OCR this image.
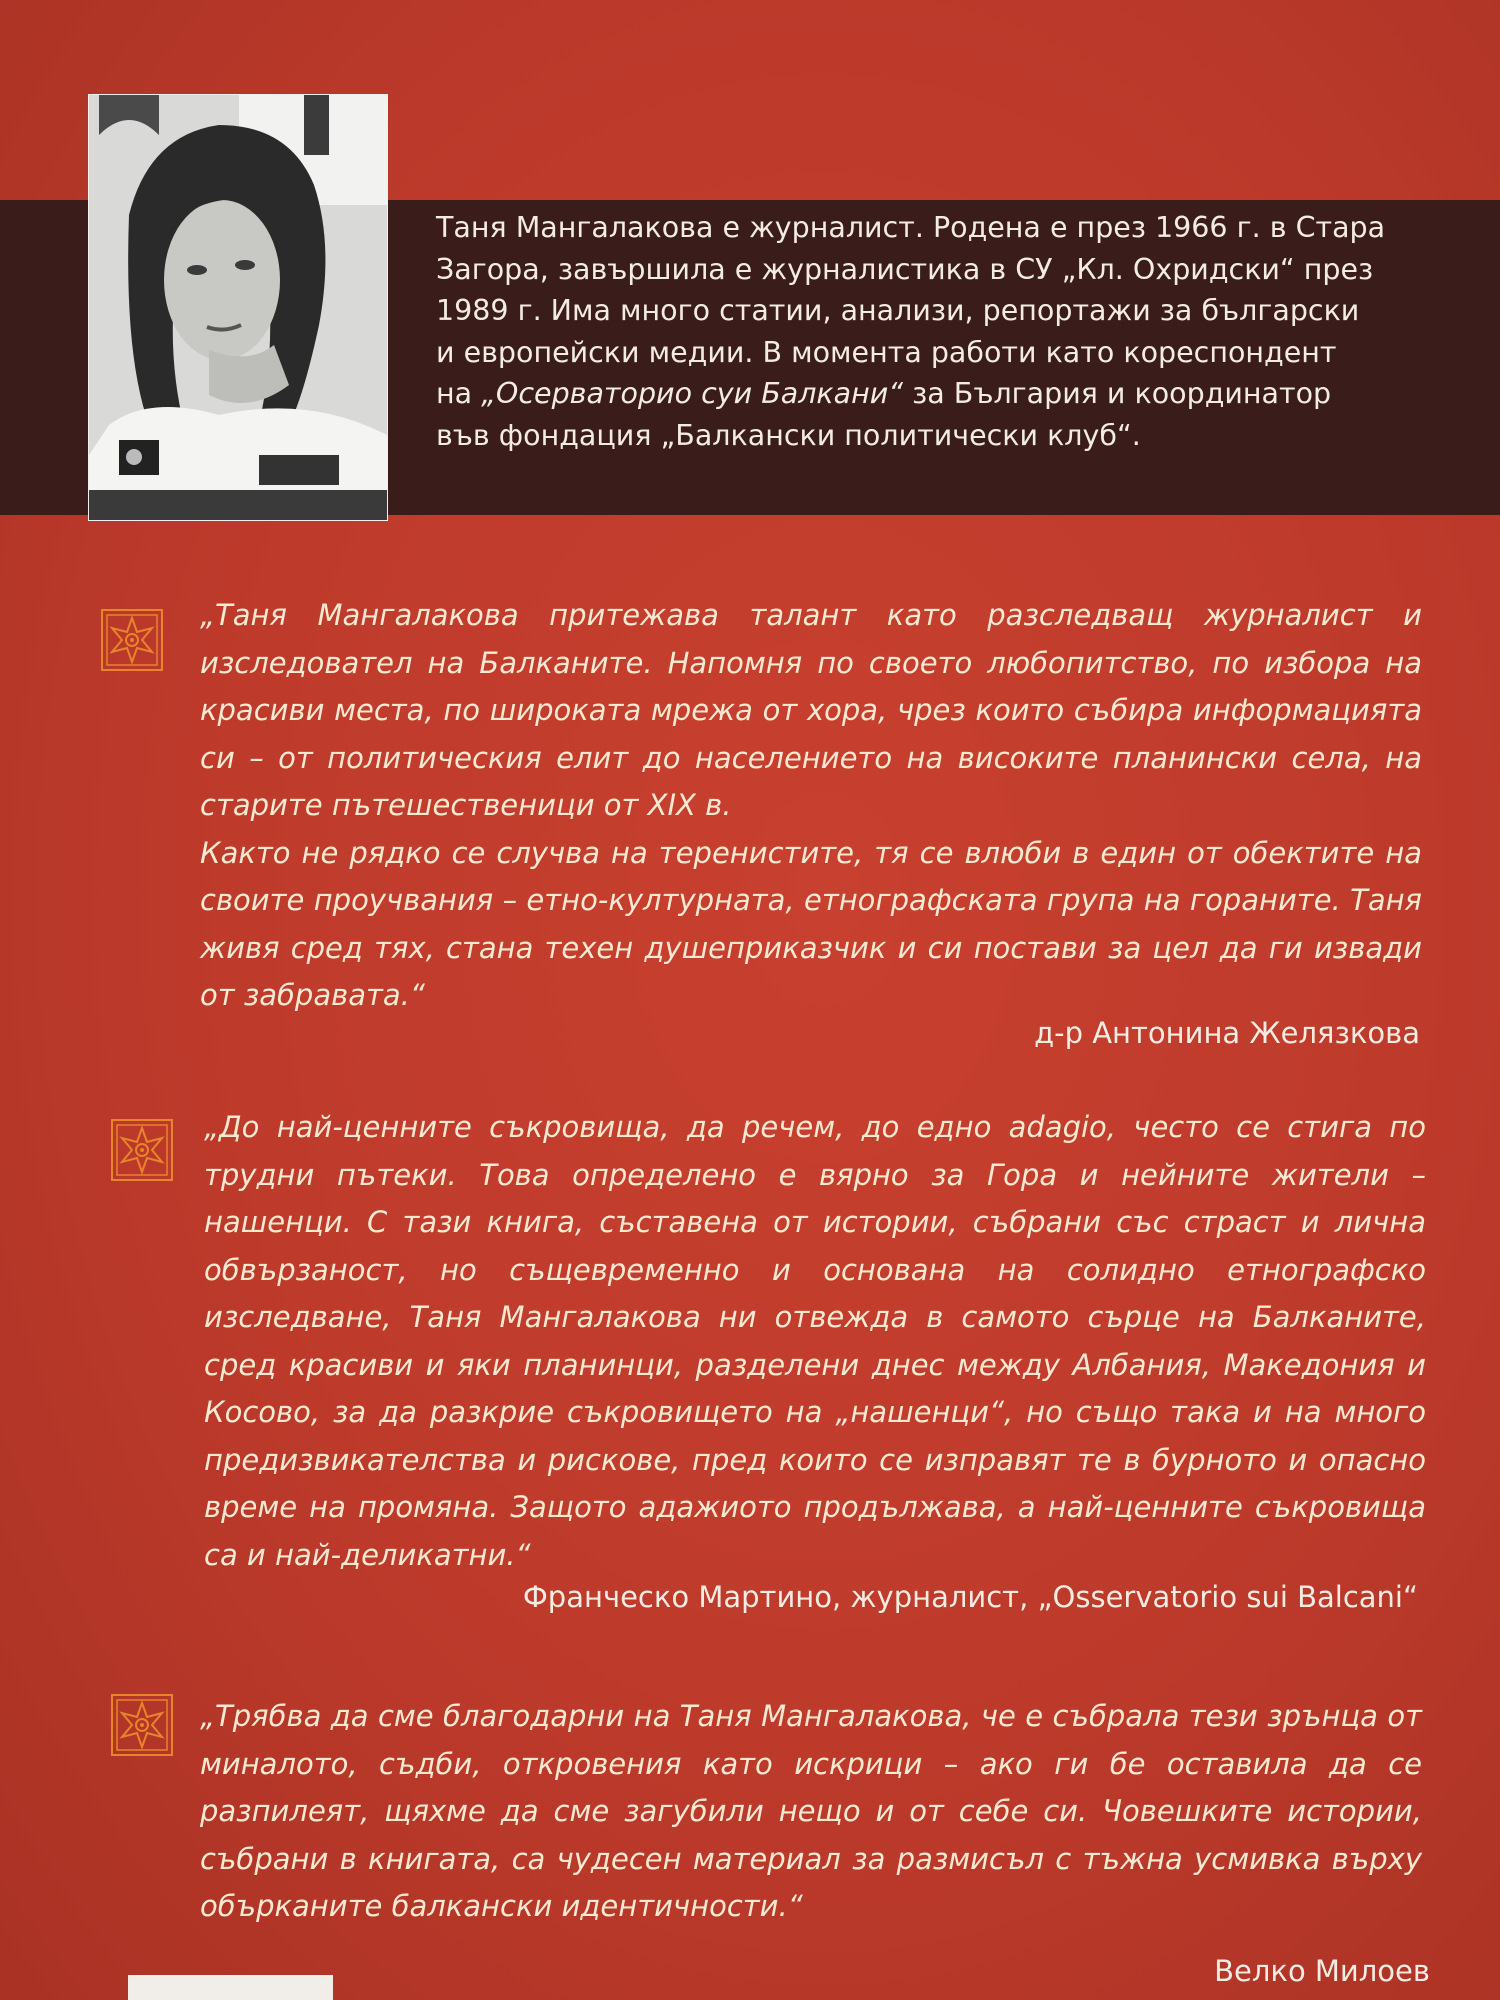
Таня Мангалакова е журналист. Родена е през 1966 г. в Стара
Загора, завършила е журналистика в СУ „Кл. Охридски“ през
1989 г. Има много статии, анализи, репортажи за български
и европейски медии. В момента работи като кореспондент
на „Осерваторио суи Балкани“ за България и координатор
във фондация „Балкански политически клуб“.
„Таня Мангалакова притежава талант като разследващ журналист и изследовател на Балканите. Напомня по своето любопитство, по избора на красиви места, по широката мрежа от хора, чрез които събира информацията си – от политическия елит до населението на високите планински села, на старите пътешественици от XIX в.
Както не рядко се случва на теренистите, тя се влюби в един от обектите на своите проучвания – етно-културната, етнографската група на гораните. Таня живя сред тях, стана техен душеприказчик и си постави за цел да ги извади от забравата.“
д-р Антонина Желязкова
„До най-ценните съкровища, да речем, до едно adagio, често се стига по трудни пътеки. Това определено е вярно за Гора и нейните жители – нашенци. С тази книга, съставена от истории, събрани със страст и лична обвързаност, но същевременно и основана на солидно етнографско изследване, Таня Мангалакова ни отвежда в самото сърце на Балканите, сред красиви и яки планинци, разделени днес между Албания, Македония и Косово, за да разкрие съкровището на „нашенци“, но също така и на много предизвикателства и рискове, пред които се изправят те в бурното и опасно време на промяна. Защото адажиото продължава, а най-ценните съкровища са и най-деликатни.“
Франческо Мартино, журналист, „Osservatorio sui Balcani“
„Трябва да сме благодарни на Таня Мангалакова, че е събрала тези зрънца от миналото, съдби, откровения като искрици – ако ги бе оставила да се разпилеят, щяхме да сме загубили нещо и от себе си. Човешките истории, събрани в книгата, са чудесен материал за размисъл с тъжна усмивка върху обърканите балкански идентичности.“
Велко Милоев
